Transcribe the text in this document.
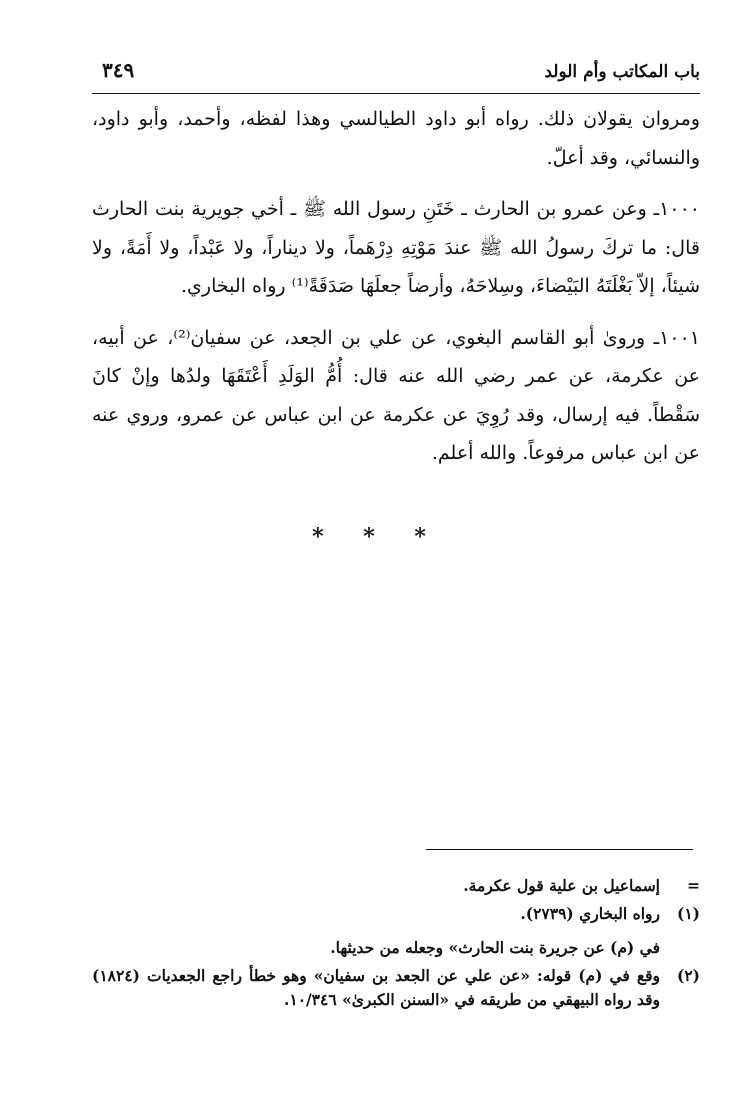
باب المكاتب وأم الولد
٣٤٩

ومروان يقولان ذلك. رواه أبو داود الطيالسي وهذا لفظه، وأحمد، وأبو داود، والنسائي، وقد أعلّ.

١٠٠٠ـ وعن عمرو بن الحارث ـ خَتَنِ رسول الله ﷺ ـ أخي جويرية بنت الحارث قال: ما تركَ رسولُ الله ﷺ عندَ مَوْتِهِ دِرْهَماً، ولا ديناراً، ولا عَبْداً، ولا أَمَةً، ولا شيئاً، إلاّ بَغْلَتَهُ البَيْضاءَ، وسِلاحَهُ، وأرضاً جعلَهَا صَدَقَةً⁽¹⁾ رواه البخاري.

١٠٠١ـ وروىٰ أبو القاسم البغوي، عن علي بن الجعد، عن سفيان⁽²⁾، عن أبيه، عن عكرمة، عن عمر رضي الله عنه قال: أُمُّ الوَلَدِ أَعْتَقَهَا ولدُها وإنْ كانَ سَقْطاً. فيه إرسال، وقد رُوِيَ عن عكرمة عن ابن عباس عن عمرو، وروي عنه عن ابن عباس مرفوعاً. والله أعلم.

* * *
=
إسماعيل بن علية قول عكرمة.
(١)
رواه البخاري (٢٧٣٩).
في (م) عن جريرة بنت الحارث» وجعله من حديثها.
(٢)
وقع في (م) قوله: «عن علي عن الجعد بن سفيان» وهو خطأ راجع الجعديات (١٨٢٤) وقد رواه البيهقي من طريقه في «السنن الكبرىٰ» ١٠/٣٤٦.
